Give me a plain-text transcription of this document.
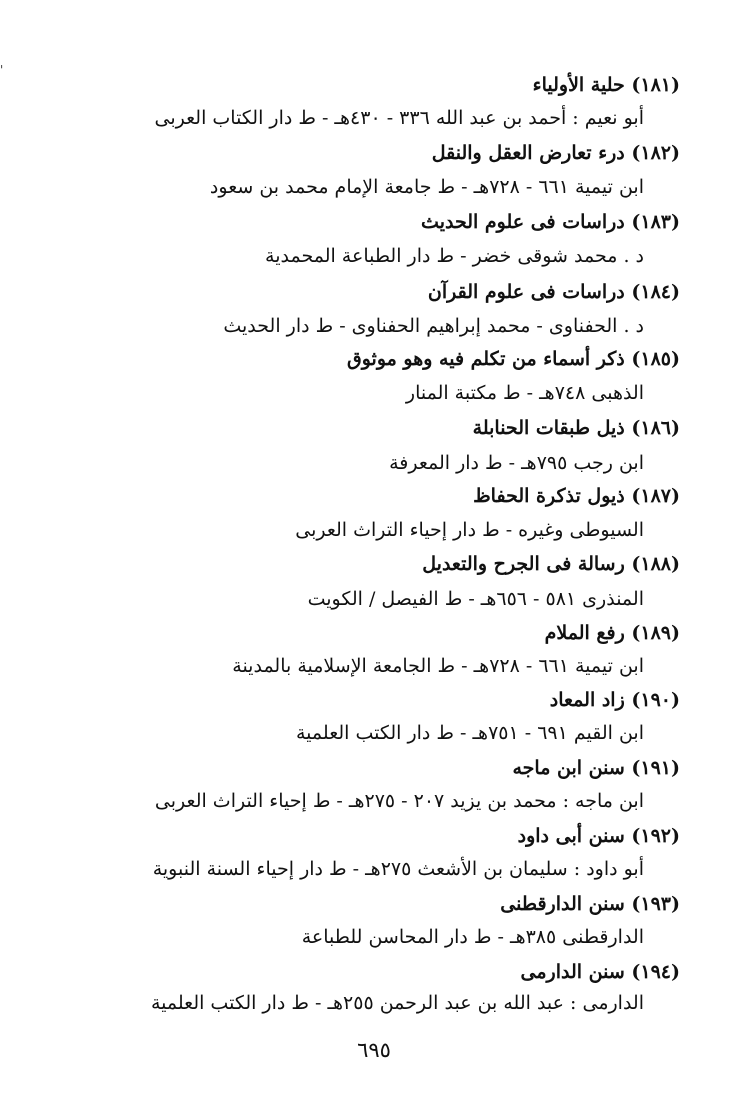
'
(١٨١) حلية الأولياء
أبو نعيم : أحمد بن عبد الله ٣٣٦ - ٤٣٠هـ - ط دار الكتاب العربى
(١٨٢) درء تعارض العقل والنقل
ابن تيمية ٦٦١ - ٧٢٨هـ - ط جامعة الإمام محمد بن سعود
(١٨٣) دراسات فى علوم الحديث
د . محمد شوقى خضر - ط دار الطباعة المحمدية
(١٨٤) دراسات فى علوم القرآن
د . الحفناوى - محمد إبراهيم الحفناوى - ط دار الحديث
(١٨٥) ذكر أسماء من تكلم فيه وهو موثوق
الذهبى ٧٤٨هـ - ط مكتبة المنار
(١٨٦) ذيل طبقات الحنابلة
ابن رجب ٧٩٥هـ - ط دار المعرفة
(١٨٧) ذيول تذكرة الحفاظ
السيوطى وغيره - ط دار إحياء التراث العربى
(١٨٨) رسالة فى الجرح والتعديل
المنذرى ٥٨١ - ٦٥٦هـ - ط الفيصل / الكويت
(١٨٩) رفع الملام
ابن تيمية ٦٦١ - ٧٢٨هـ - ط الجامعة الإسلامية بالمدينة
(١٩٠) زاد المعاد
ابن القيم ٦٩١ - ٧٥١هـ - ط دار الكتب العلمية
(١٩١) سنن ابن ماجه
ابن ماجه : محمد بن يزيد ٢٠٧ - ٢٧٥هـ - ط إحياء التراث العربى
(١٩٢) سنن أبى داود
أبو داود : سليمان بن الأشعث ٢٧٥هـ - ط دار إحياء السنة النبوية
(١٩٣) سنن الدارقطنى
الدارقطنى ٣٨٥هـ - ط دار المحاسن للطباعة
(١٩٤) سنن الدارمى
الدارمى : عبد الله بن عبد الرحمن ٢٥٥هـ - ط دار الكتب العلمية
٦٩٥
